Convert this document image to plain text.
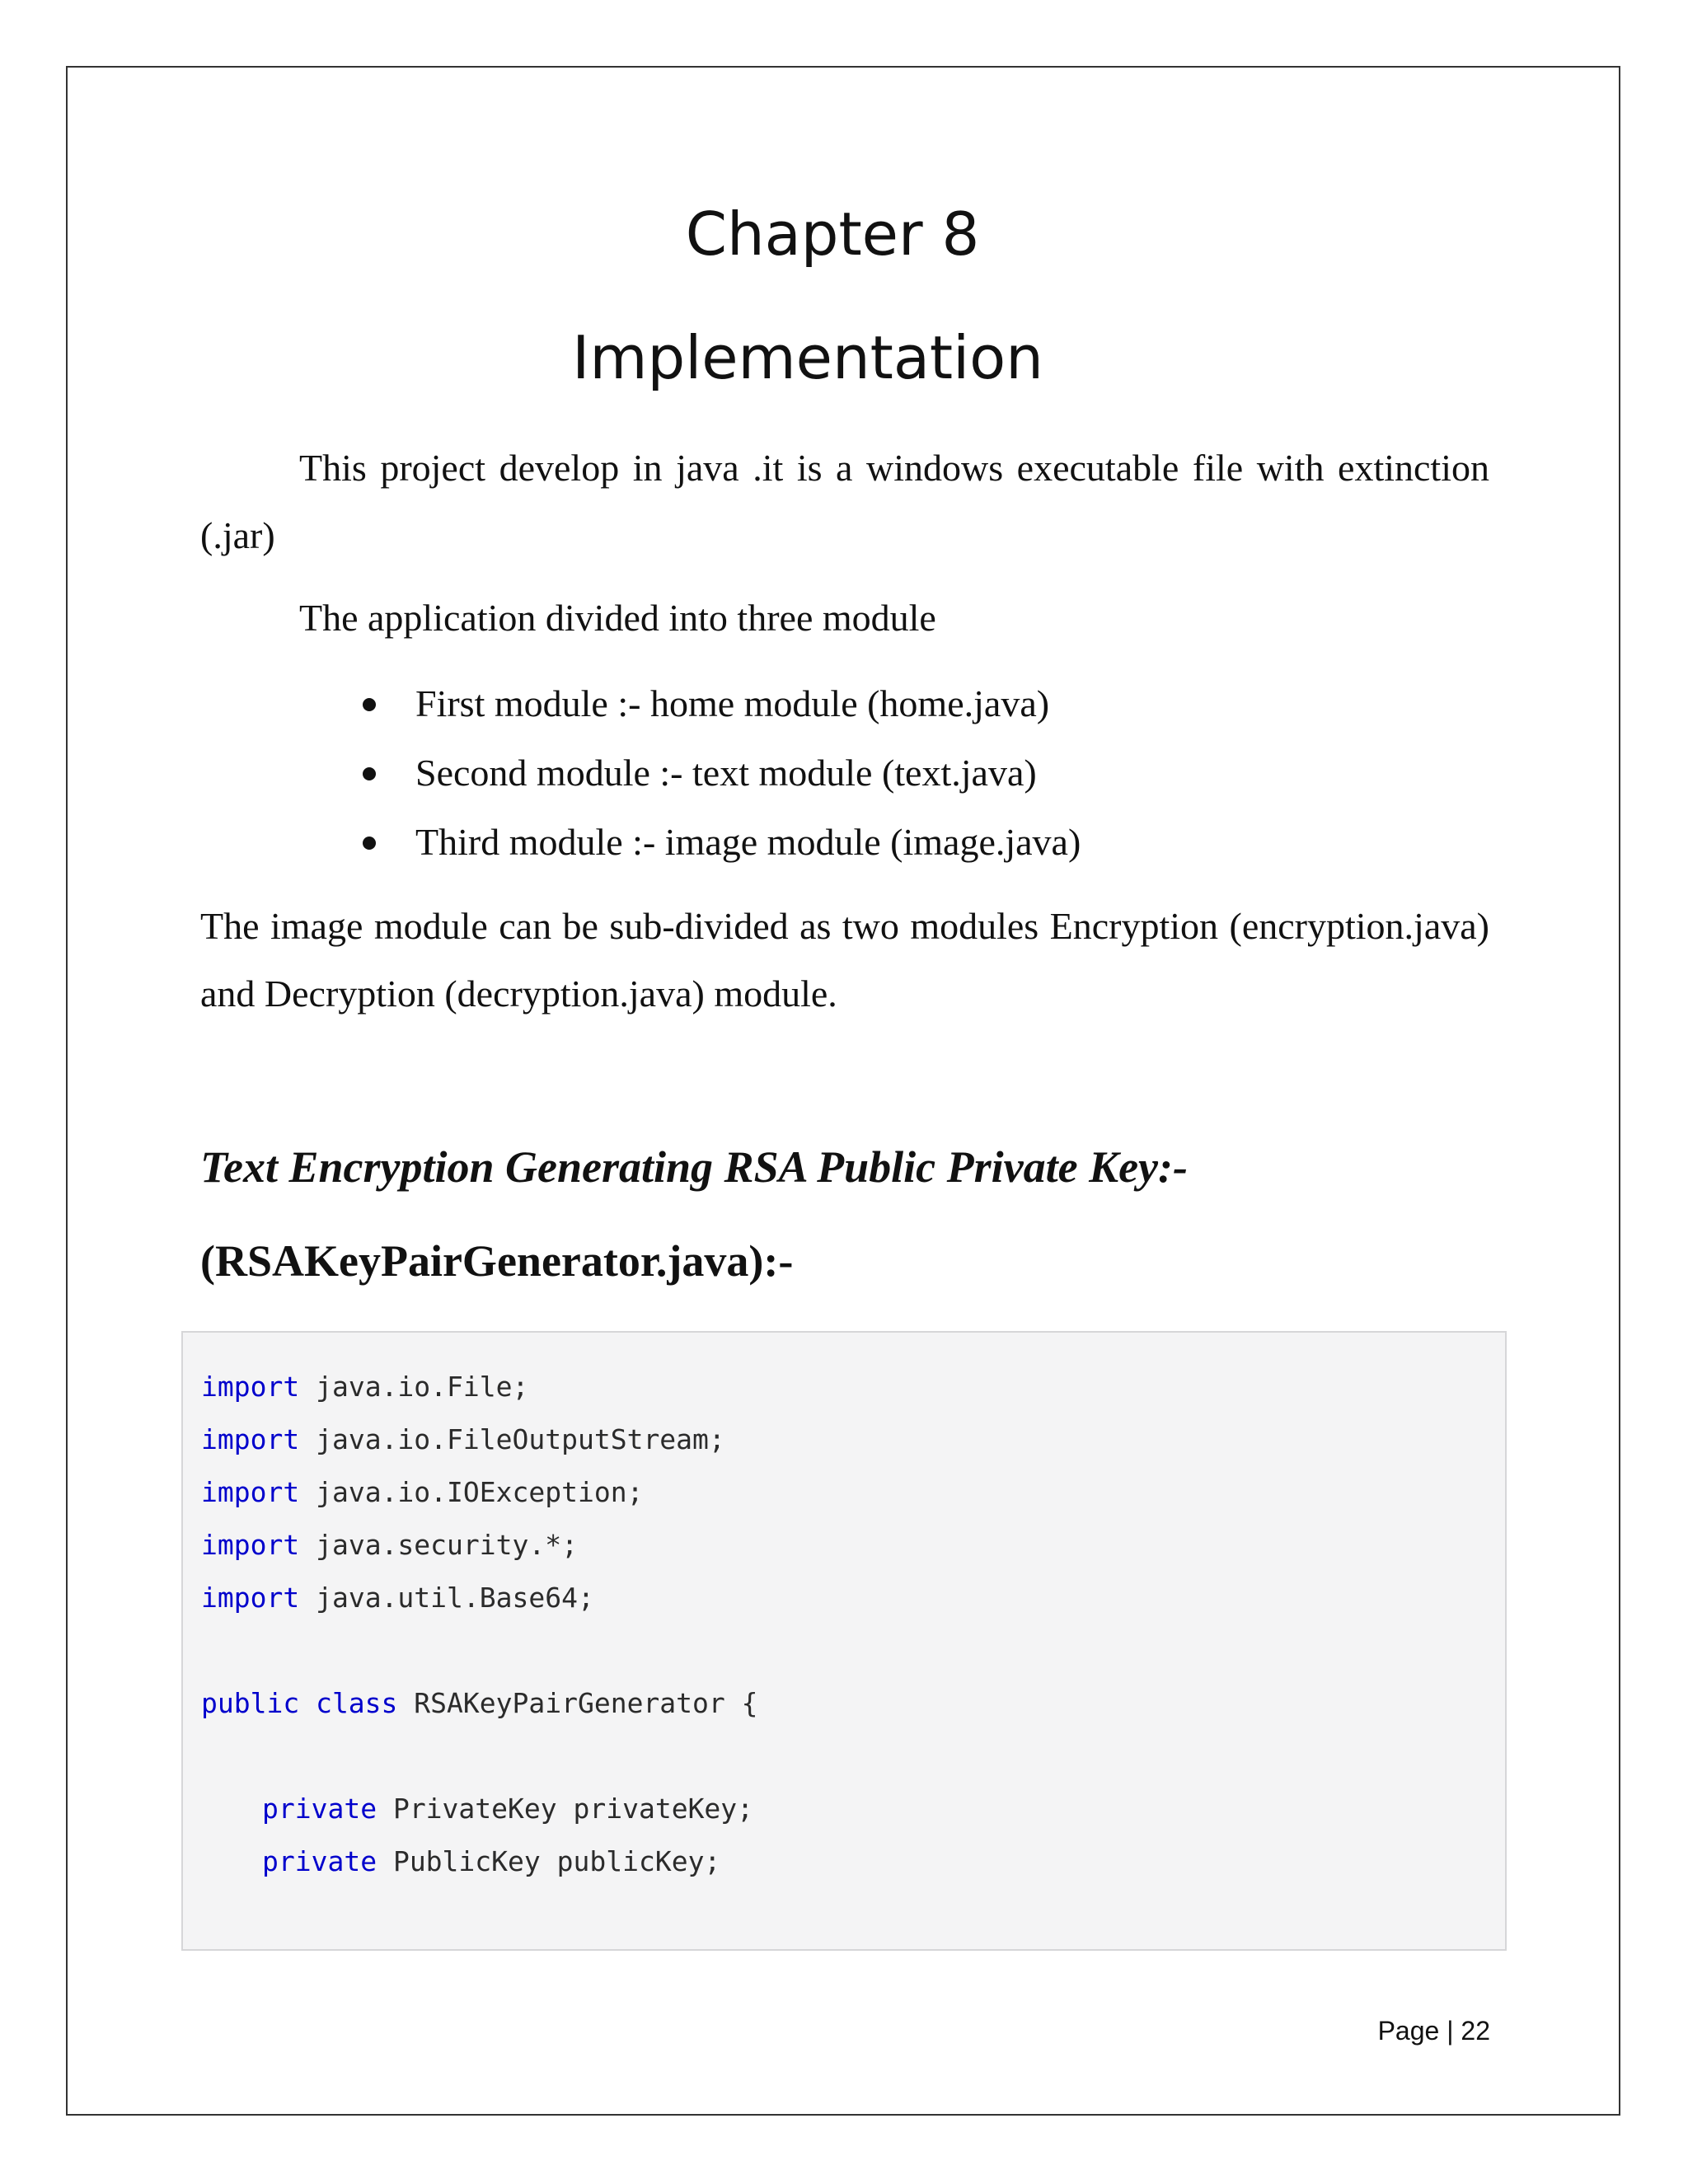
Chapter 8
Implementation

This project develop in java .it is a windows executable file with extinction (.jar)

The application divided into three module

First module :- home module (home.java)
Second module :- text module (text.java)
Third module :- image module (image.java)

The image module can be sub-divided as two modules Encryption (encryption.java) and Decryption (decryption.java) module.

Text Encryption Generating RSA Public Private Key:-
(RSAKeyPairGenerator.java):-
import java.io.File;
import java.io.FileOutputStream;
import java.io.IOException;
import java.security.*;
import java.util.Base64;
public class RSAKeyPairGenerator {
private PrivateKey privateKey;
private PublicKey publicKey;
Page | 22
